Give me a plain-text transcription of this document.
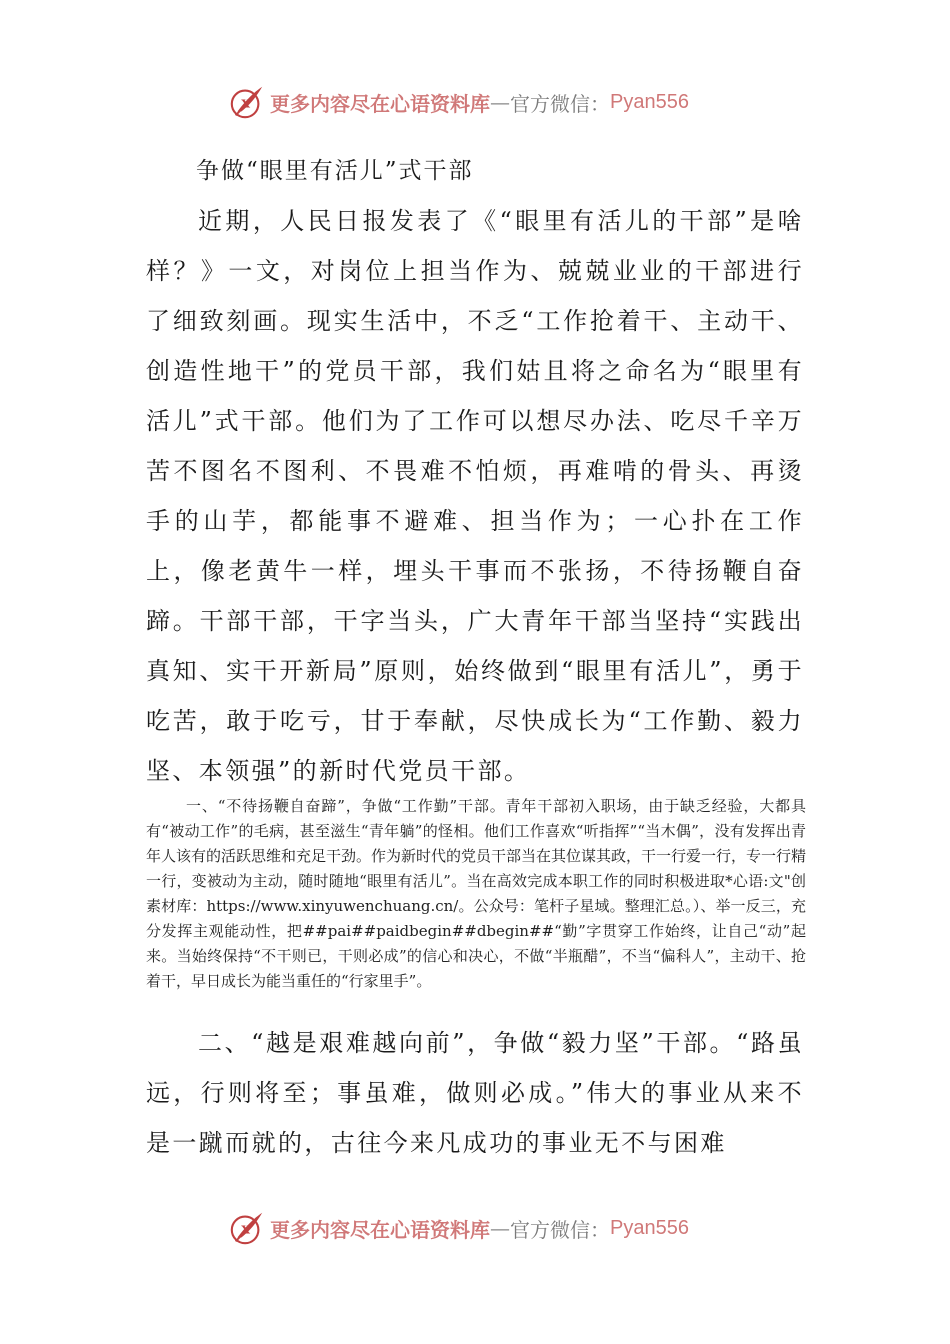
X 更多内容尽在心语资料库 — 官方微信： Pyan556
争做“眼里有活儿”式干部

近期，人民日报发表了《“眼里有活儿的干部”是啥样？》一文，对岗位上担当作为、兢兢业业的干部进行了细致刻画。现实生活中，不乏“工作抢着干、主动干、创造性地干”的党员干部，我们姑且将之命名为“眼里有活儿”式干部。他们为了工作可以想尽办法、吃尽千辛万苦不图名不图利、不畏难不怕烦，再难啃的骨头、再烫手的山芋，都能事不避难、担当作为；一心扑在工作上，像老黄牛一样，埋头干事而不张扬，不待扬鞭自奋蹄。干部干部，干字当头，广大青年干部当坚持“实践出真知、实干开新局”原则，始终做到“眼里有活儿”，勇于吃苦，敢于吃亏，甘于奉献，尽快成长为“工作勤、毅力坚、本领强”的新时代党员干部。

一、“不待扬鞭自奋蹄”，争做“工作勤”干部。青年干部初入职场，由于缺乏经验，大都具有“被动工作”的毛病，甚至滋生“青年躺”的怪相。他们工作喜欢“听指挥”“当木偶”，没有发挥出青年人该有的活跃思维和充足干劲。作为新时代的党员干部当在其位谋其政，干一行爱一行，专一行精一行，变被动为主动，随时随地“眼里有活儿”。当在高效完成本职工作的同时积极进取*心语:文"创素材库：https://www.xinyuwenchuang.cn/。公众号：笔杆子星域。整理汇总。）、举一反三，充分发挥主观能动性，把##pai##paidbegin##dbegin##“勤”字贯穿工作始终，让自己“动”起来。当始终保持“不干则已，干则必成”的信心和决心，不做“半瓶醋”，不当“偏科人”，主动干、抢着干，早日成长为能当重任的“行家里手”。

二、“越是艰难越向前”，争做“毅力坚”干部。“路虽远，行则将至；事虽难，做则必成。”伟大的事业从来不是一蹴而就的，古往今来凡成功的事业无不与困难

X 更多内容尽在心语资料库 — 官方微信： Pyan556
